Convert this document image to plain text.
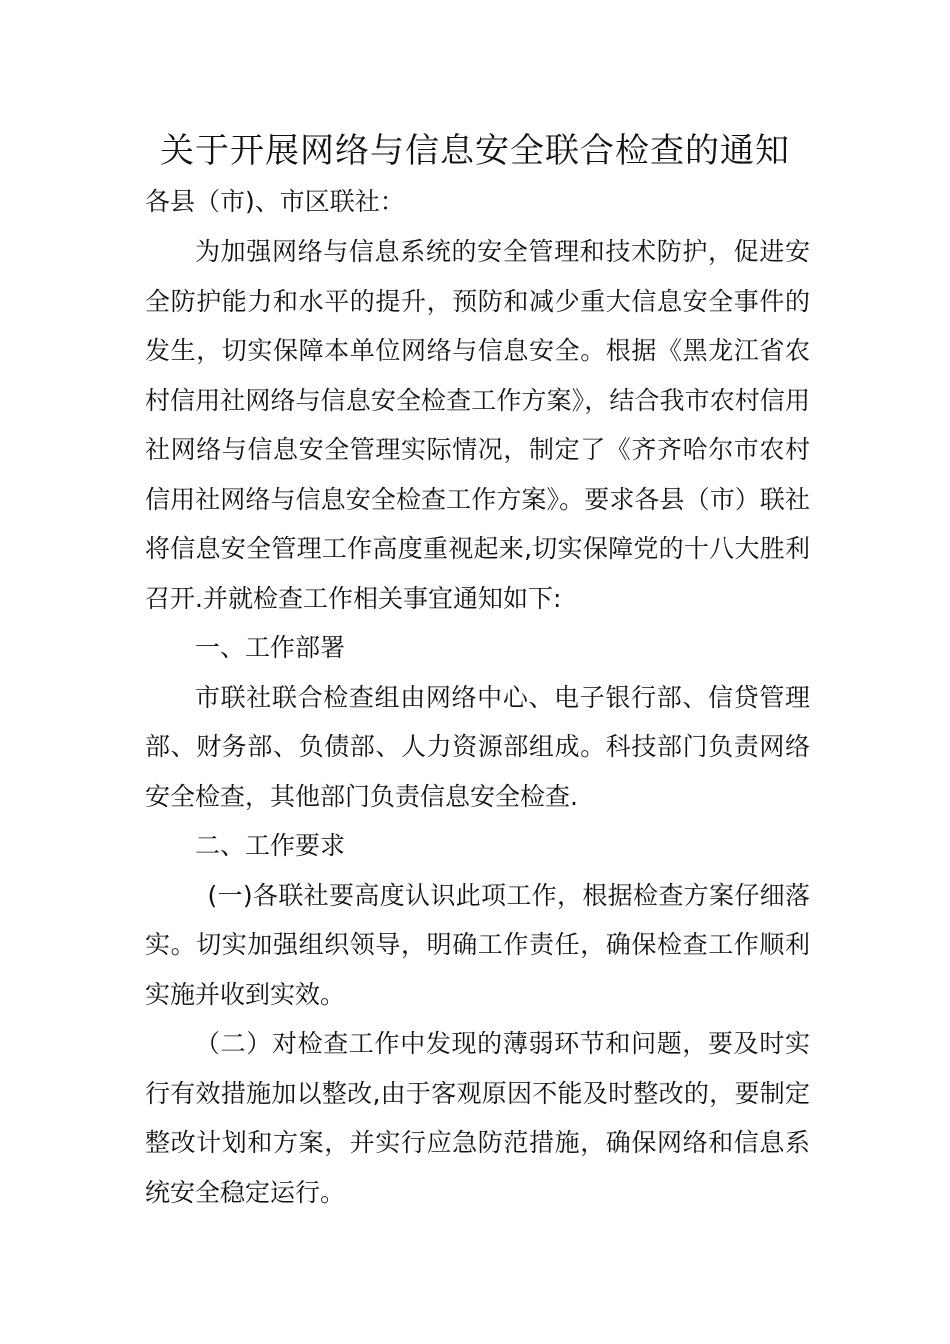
关于开展网络与信息安全联合检查的通知
各县（市)、市区联社：

为加强网络与信息系统的安全管理和技术防护，促进安全防护能力和水平的提升，预防和减少重大信息安全事件的发生，切实保障本单位网络与信息安全。根据《黑龙江省农村信用社网络与信息安全检查工作方案》，结合我市农村信用社网络与信息安全管理实际情况，制定了《齐齐哈尔市农村信用社网络与信息安全检查工作方案》。要求各县（市）联社将信息安全管理工作高度重视起来,切实保障党的十八大胜利召开.并就检查工作相关事宜通知如下:

一、工作部署

市联社联合检查组由网络中心、电子银行部、信贷管理部、财务部、负债部、人力资源部组成。科技部门负责网络安全检查，其他部门负责信息安全检查.

二、工作要求

(一)各联社要高度认识此项工作，根据检查方案仔细落实。切实加强组织领导，明确工作责任，确保检查工作顺利实施并收到实效。

（二）对检查工作中发现的薄弱环节和问题，要及时实行有效措施加以整改,由于客观原因不能及时整改的，要制定整改计划和方案，并实行应急防范措施，确保网络和信息系统安全稳定运行。
